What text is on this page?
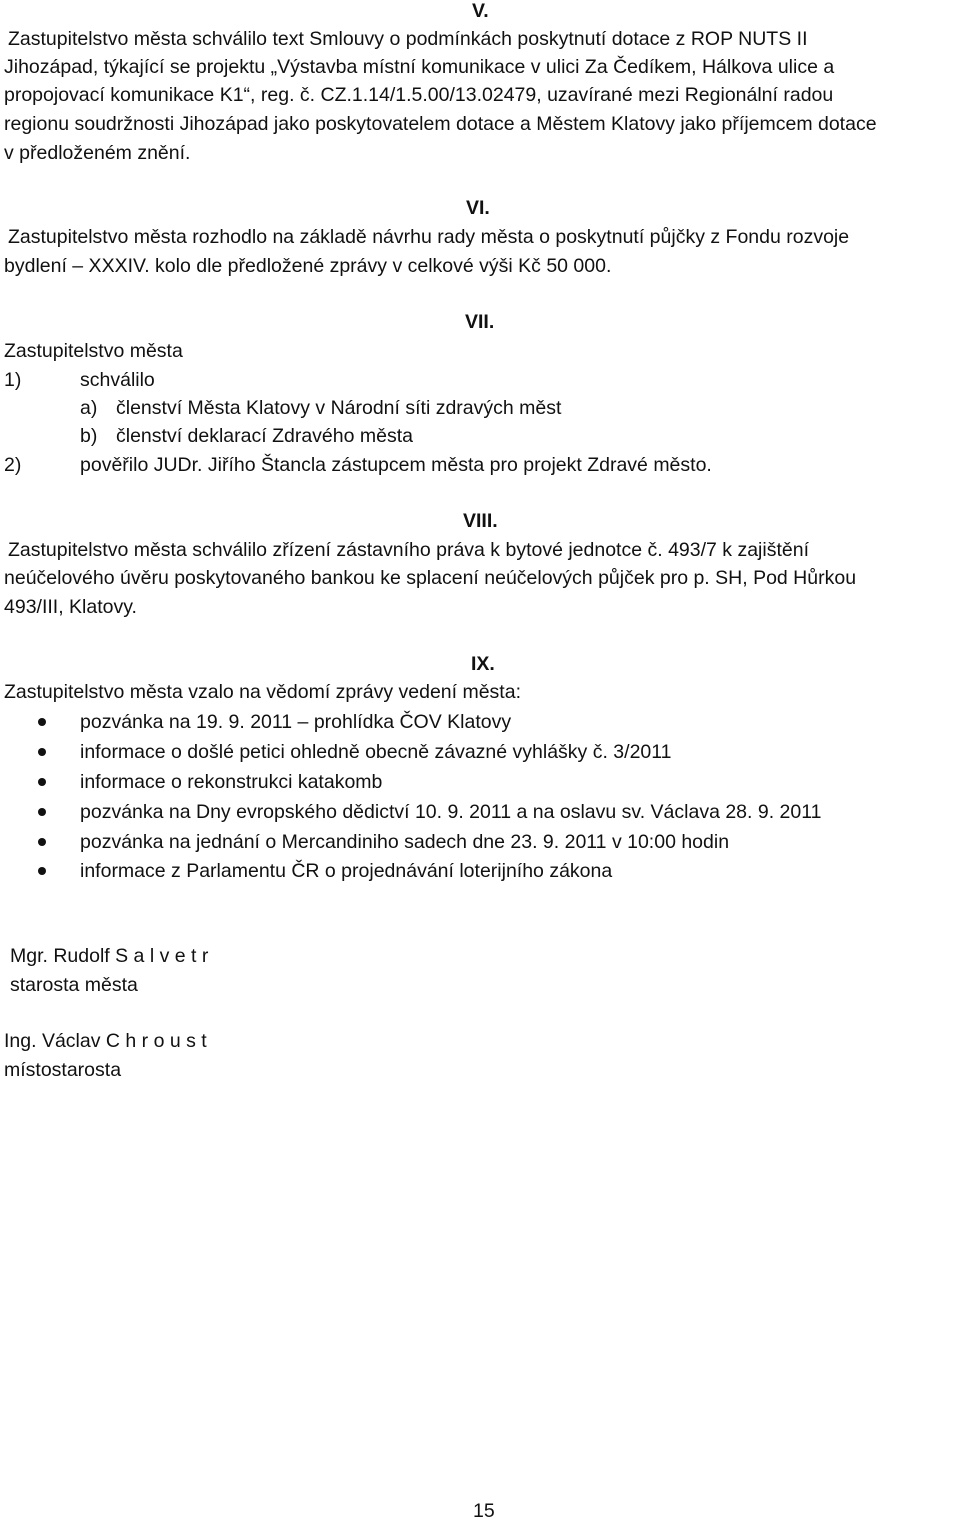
V.
Zastupitelstvo města schválilo text Smlouvy o podmínkách poskytnutí dotace z ROP NUTS II
Jihozápad, týkající se projektu „Výstavba místní komunikace v ulici Za Čedíkem, Hálkova ulice a
propojovací komunikace K1“, reg. č. CZ.1.14/1.5.00/13.02479, uzavírané mezi Regionální radou
regionu soudržnosti Jihozápad jako poskytovatelem dotace a Městem Klatovy jako příjemcem dotace
v předloženém znění.
VI.
Zastupitelstvo města rozhodlo na základě návrhu rady města o poskytnutí půjčky z Fondu rozvoje
bydlení – XXXIV. kolo dle předložené zprávy v celkové výši Kč 50 000.
VII.
Zastupitelstvo města
1)	schválilo
a) členství Města Klatovy v Národní síti zdravých měst
b) členství deklarací Zdravého města
2)	pověřilo JUDr. Jiřího Štancla zástupcem města pro projekt Zdravé město.
VIII.
Zastupitelstvo města schválilo zřízení zástavního práva k bytové jednotce č. 493/7 k zajištění
neúčelového úvěru poskytovaného bankou ke splacení neúčelových půjček pro p. SH, Pod Hůrkou
493/III, Klatovy.
IX.
Zastupitelstvo města vzalo na vědomí zprávy vedení města:
pozvánka na 19. 9. 2011 – prohlídka ČOV Klatovy
informace o došlé petici ohledně obecně závazné vyhlášky č. 3/2011
informace o rekonstrukci katakomb
pozvánka na Dny evropského dědictví 10. 9. 2011 a na oslavu sv. Václava 28. 9. 2011
pozvánka na jednání o Mercandiniho sadech dne 23. 9. 2011 v 10:00 hodin
informace z Parlamentu ČR o projednávání loterijního zákona
Mgr. Rudolf S a l v e t r
starosta města
Ing. Václav C h r o u s t
místostarosta
15
